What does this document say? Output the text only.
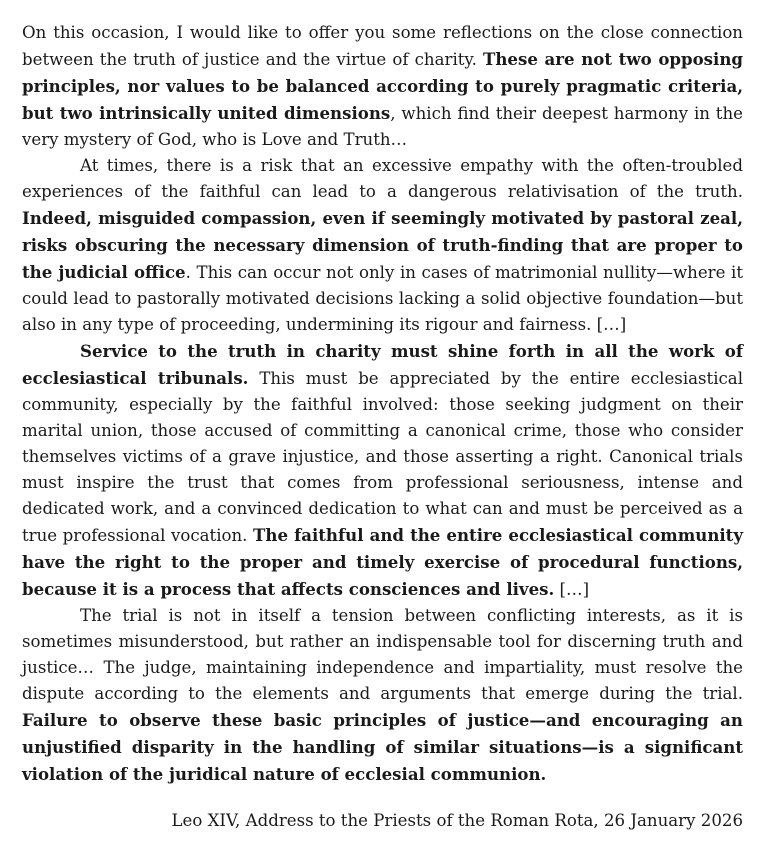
On this occasion, I would like to offer you some reflections on the close connection between the truth of justice and the virtue of charity. These are not two opposing principles, nor values to be balanced according to purely pragmatic criteria, but two intrinsically united dimensions, which find their deepest harmony in the very mystery of God, who is Love and Truth…

At times, there is a risk that an excessive empathy with the often-troubled experiences of the faithful can lead to a dangerous relativisation of the truth. Indeed, misguided compassion, even if seemingly motivated by pastoral zeal, risks obscuring the necessary dimension of truth-finding that are proper to the judicial office. This can occur not only in cases of matrimonial nullity—where it could lead to pastorally motivated decisions lacking a solid objective foundation—but also in any type of proceeding, undermining its rigour and fairness. […]

Service to the truth in charity must shine forth in all the work of ecclesiastical tribunals. This must be appreciated by the entire ecclesiastical community, especially by the faithful involved: those seeking judgment on their marital union, those accused of committing a canonical crime, those who consider themselves victims of a grave injustice, and those asserting a right. Canonical trials must inspire the trust that comes from professional seriousness, intense and dedicated work, and a convinced dedication to what can and must be perceived as a true professional vocation. The faithful and the entire ecclesiastical community have the right to the proper and timely exercise of procedural functions, because it is a process that affects consciences and lives. […]

The trial is not in itself a tension between conflicting interests, as it is sometimes misunderstood, but rather an indispensable tool for discerning truth and justice… The judge, maintaining independence and impartiality, must resolve the dispute according to the elements and arguments that emerge during the trial. Failure to observe these basic principles of justice—and encouraging an unjustified disparity in the handling of similar situations—is a significant violation of the juridical nature of ecclesial communion.

Leo XIV, Address to the Priests of the Roman Rota, 26 January 2026
